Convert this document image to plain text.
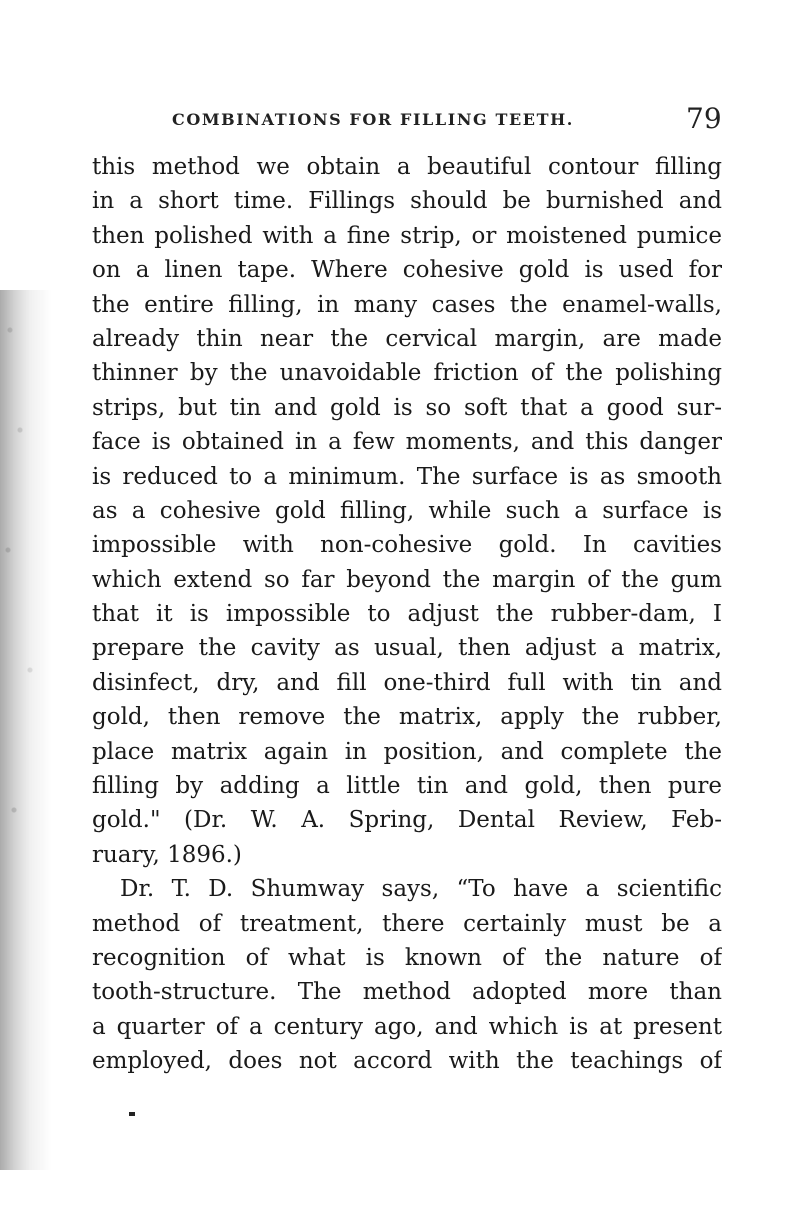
COMBINATIONS FOR FILLING TEETH.	79
this method we obtain a beautiful contour filling
in a short time. Fillings should be burnished and
then polished with a fine strip, or moistened pumice
on a linen tape. Where cohesive gold is used for
the entire filling, in many cases the enamel-walls,
already thin near the cervical margin, are made
thinner by the unavoidable friction of the polishing
strips, but tin and gold is so soft that a good sur-
face is obtained in a few moments, and this danger
is reduced to a minimum. The surface is as smooth
as a cohesive gold filling, while such a surface is
impossible with non-cohesive gold. In cavities
which extend so far beyond the margin of the gum
that it is impossible to adjust the rubber-dam, I
prepare the cavity as usual, then adjust a matrix,
disinfect, dry, and fill one-third full with tin and
gold, then remove the matrix, apply the rubber,
place matrix again in position, and complete the
filling by adding a little tin and gold, then pure
gold." (Dr. W. A. Spring, Dental Review, Feb-
ruary, 1896.)
Dr. T. D. Shumway says, “To have a scientific
method of treatment, there certainly must be a
recognition of what is known of the nature of
tooth-structure. The method adopted more than
a quarter of a century ago, and which is at present
employed, does not accord with the teachings of
